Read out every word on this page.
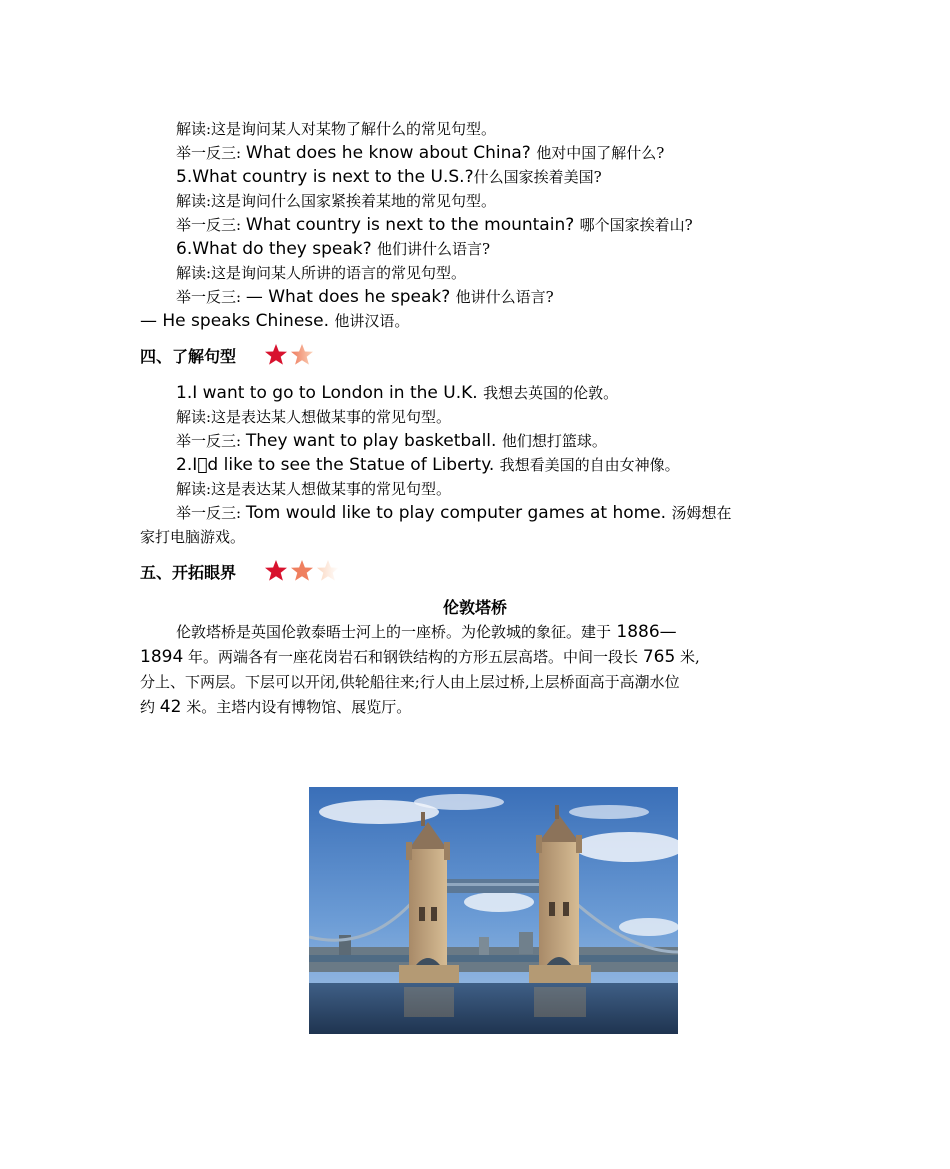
解读:这是询问某人对某物了解什么的常见句型。
举一反三: What does he know about China? 他对中国了解什么?
5.What country is next to the U.S.?什么国家挨着美国?
解读:这是询问什么国家紧挨着某地的常见句型。
举一反三: What country is next to the mountain? 哪个国家挨着山?
6.What do they speak? 他们讲什么语言?
解读:这是询问某人所讲的语言的常见句型。
举一反三: — What does he speak? 他讲什么语言?
— He speaks Chinese. 他讲汉语。
四、了解句型
1.I want to go to London in the U.K. 我想去英国的伦敦。
解读:这是表达某人想做某事的常见句型。
举一反三: They want to play basketball. 他们想打篮球。
2.I d like to see the Statue of Liberty. 我想看美国的自由女神像。
解读:这是表达某人想做某事的常见句型。
举一反三: Tom would like to play computer games at home. 汤姆想在
家打电脑游戏。
五、开拓眼界
伦敦塔桥
伦敦塔桥是英国伦敦泰晤士河上的一座桥。为伦敦城的象征。建于 1886—
1894 年。两端各有一座花岗岩石和钢铁结构的方形五层高塔。中间一段长 765 米,
分上、下两层。下层可以开闭,供轮船往来;行人由上层过桥,上层桥面高于高潮水位
约 42 米。主塔内设有博物馆、展览厅。
